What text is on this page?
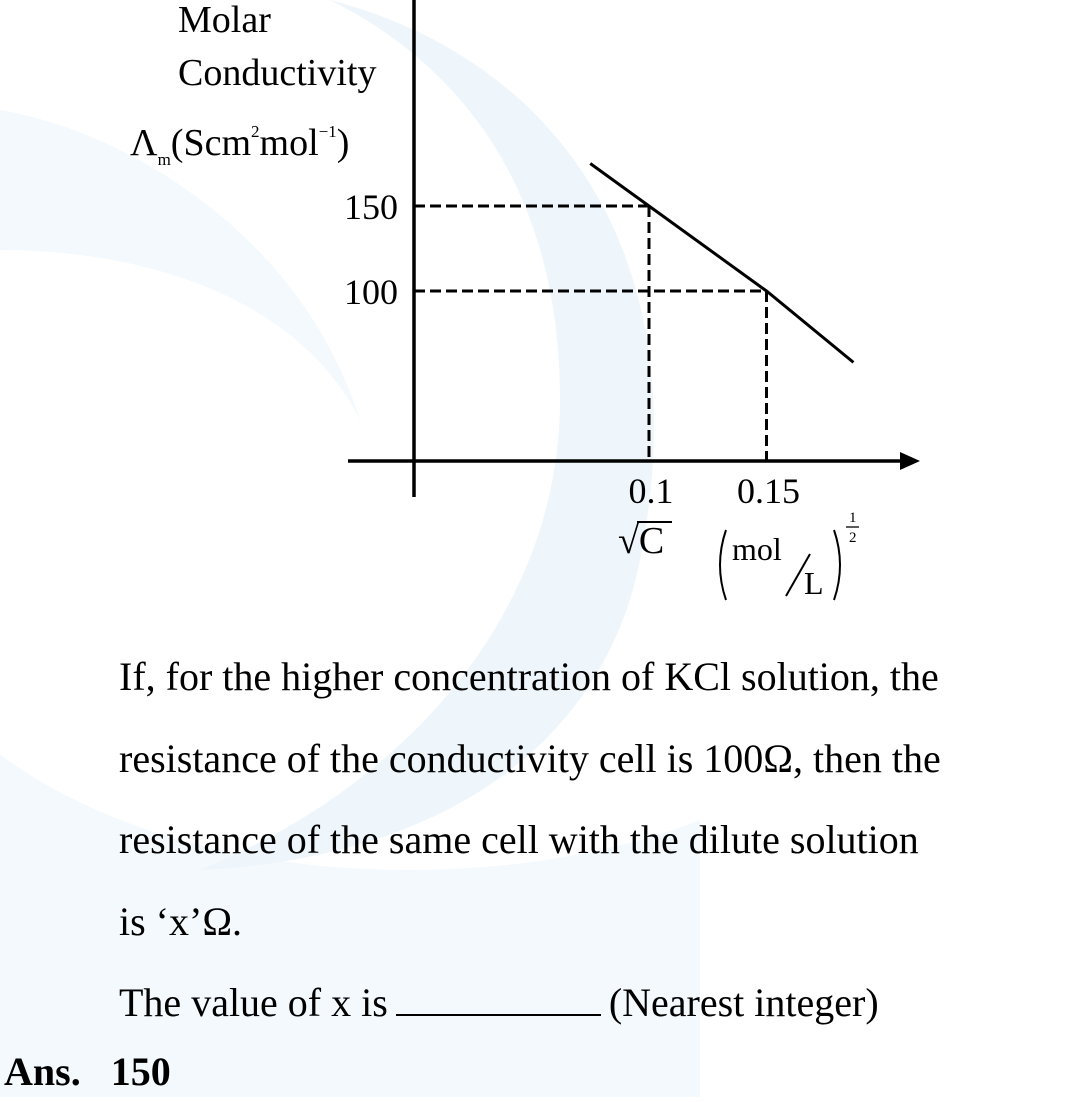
Molar
Conductivity
$\Lambda_m(Scm^2mol^{-1})$
150
100
0.1 0.15
√C mol
L
1
2

If, for the higher concentration of KCl solution, the

resistance of the conductivity cell is 100Ω, then the

resistance of the same cell with the dilute solution

is ‘x’Ω.

The value of x is	(Nearest integer)

Ans. 150
